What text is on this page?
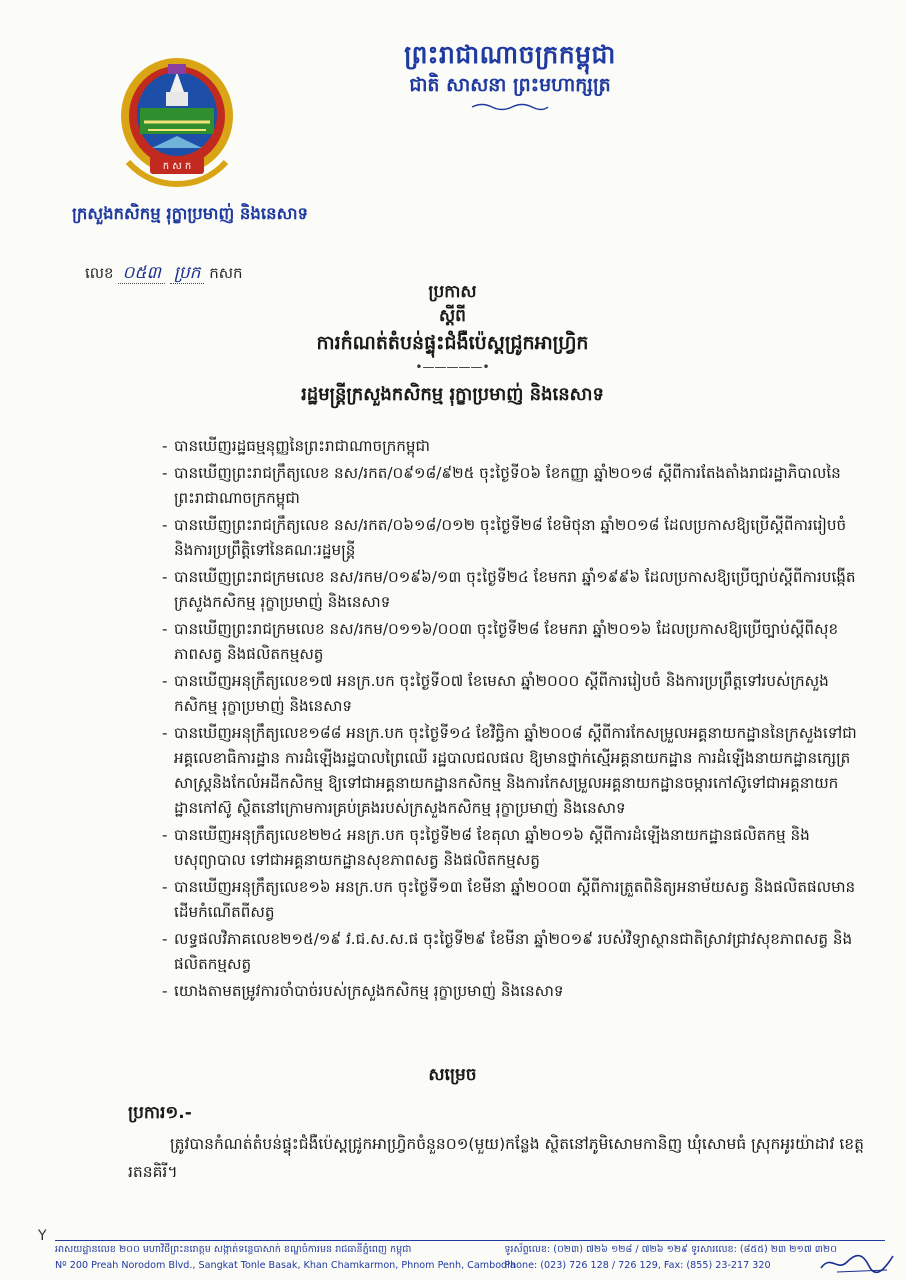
ព្រះរាជាណាចក្រកម្ពុជា
ជាតិ សាសនា ព្រះមហាក្សត្រ
ក ស ក
ក្រសួងកសិកម្ម រុក្ខាប្រមាញ់ និងនេសាទ
លេខ ០៥៣ ប្រក កសក
ប្រកាស
ស្តីពី
ការកំណត់តំបន់ផ្ទុះជំងឺប៉េស្តជ្រូកអាហ្វ្រិក
•—————•
រដ្ឋមន្ត្រីក្រសួងកសិកម្ម រុក្ខាប្រមាញ់ និងនេសាទ
- បានឃើញរដ្ឋធម្មនុញ្ញនៃព្រះរាជាណាចក្រកម្ពុជា
- បានឃើញព្រះរាជក្រឹត្យលេខ នស/រកត/០៩១៨/៩២៥ ចុះថ្ងៃទី០៦ ខែកញ្ញា ឆ្នាំ២០១៨ ស្តីពីការតែងតាំងរាជរដ្ឋាភិបាលនៃព្រះរាជាណាចក្រកម្ពុជា
- បានឃើញព្រះរាជក្រឹត្យលេខ នស/រកត/០៦១៨/០១២ ចុះថ្ងៃទី២៨ ខែមិថុនា ឆ្នាំ២០១៨ ដែលប្រកាសឱ្យប្រើស្តីពីការរៀបចំ និងការប្រព្រឹត្តិទៅនៃគណៈរដ្ឋមន្ត្រី
- បានឃើញព្រះរាជក្រមលេខ នស/រកម/០១៩៦/១៣ ចុះថ្ងៃទី២៤ ខែមករា ឆ្នាំ១៩៩៦ ដែលប្រកាសឱ្យប្រើច្បាប់ស្តីពីការបង្កើតក្រសួងកសិកម្ម រុក្ខាប្រមាញ់ និងនេសាទ
- បានឃើញព្រះរាជក្រមលេខ នស/រកម/០១១៦/០០៣ ចុះថ្ងៃទី២៨ ខែមករា ឆ្នាំ២០១៦ ដែលប្រកាសឱ្យប្រើច្បាប់ស្តីពីសុខភាពសត្វ និងផលិតកម្មសត្វ
- បានឃើញអនុក្រឹត្យលេខ១៧ អនក្រ.បក ចុះថ្ងៃទី០៧ ខែមេសា ឆ្នាំ២០០០ ស្តីពីការរៀបចំ និងការប្រព្រឹត្តទៅរបស់ក្រសួងកសិកម្ម រុក្ខាប្រមាញ់ និងនេសាទ
- បានឃើញអនុក្រឹត្យលេខ១៨៨ អនក្រ.បក ចុះថ្ងៃទី១៤ ខែវិច្ឆិកា ឆ្នាំ២០០៨ ស្តីពីការកែសម្រួលអគ្គនាយកដ្ឋាននៃក្រសួងទៅជាអគ្គលេខាធិការដ្ឋាន ការដំឡើងរដ្ឋបាលព្រៃឈើ រដ្ឋបាលជលផល ឱ្យមានថ្នាក់ស្មើអគ្គនាយកដ្ឋាន ការដំឡើងនាយកដ្ឋានក្សេត្រសាស្ត្រនិងកែលំអដីកសិកម្ម ឱ្យទៅជាអគ្គនាយកដ្ឋានកសិកម្ម និងការកែសម្រួលអគ្គនាយកដ្ឋានចម្ការកៅស៊ូទៅជាអគ្គនាយកដ្ឋានកៅស៊ូ ស្ថិតនៅក្រោមការគ្រប់គ្រងរបស់ក្រសួងកសិកម្ម រុក្ខាប្រមាញ់ និងនេសាទ
- បានឃើញអនុក្រឹត្យលេខ២២៤ អនក្រ.បក ចុះថ្ងៃទី២៨ ខែតុលា ឆ្នាំ២០១៦ ស្តីពីការដំឡើងនាយកដ្ឋានផលិតកម្ម និងបសុព្យាបាល ទៅជាអគ្គនាយកដ្ឋានសុខភាពសត្វ និងផលិតកម្មសត្វ
- បានឃើញអនុក្រឹត្យលេខ១៦ អនក្រ.បក ចុះថ្ងៃទី១៣ ខែមីនា ឆ្នាំ២០០៣ ស្តីពីការត្រួតពិនិត្យអនាម័យសត្វ និងផលិតផលមានដើមកំណើតពីសត្វ
- លទ្ធផលវិភាគលេខ២១៥/១៩ វ.ជ.ស.ស.ផ ចុះថ្ងៃទី២៩ ខែមីនា ឆ្នាំ២០១៩ របស់វិទ្យាស្ថានជាតិស្រាវជ្រាវសុខភាពសត្វ និងផលិតកម្មសត្វ
- យោងតាមតម្រូវការចាំបាច់របស់ក្រសួងកសិកម្ម រុក្ខាប្រមាញ់ និងនេសាទ
សម្រេច
ប្រការ១.-
ត្រូវបានកំណត់តំបន់ផ្ទុះជំងឺប៉េស្តជ្រូកអាហ្វ្រិកចំនួន០១(មួយ)កន្លែង ស្ថិតនៅភូមិសោមកានិញ ឃុំសោមធំ ស្រុកអូរយ៉ាដាវ ខេត្តរតនគិរី។
Y
អាសយដ្ឋានលេខ ២០០ មហាវិថីព្រះនរោត្តម សង្កាត់ទន្លេបាសាក់ ខណ្ឌចំការមន រាជធានីភ្នំពេញ កម្ពុជា
Nº 200 Preah Norodom Blvd., Sangkat Tonle Basak, Khan Chamkarmon, Phnom Penh, Cambodia
ទូរស័ព្ទលេខ: (០២៣) ៧២៦ ១២៨ / ៧២៦ ១២៩ ទូរសារលេខ: (៨៥៥) ២៣ ២១៧ ៣២០
Phone: (023) 726 128 / 726 129, Fax: (855) 23-217 320
